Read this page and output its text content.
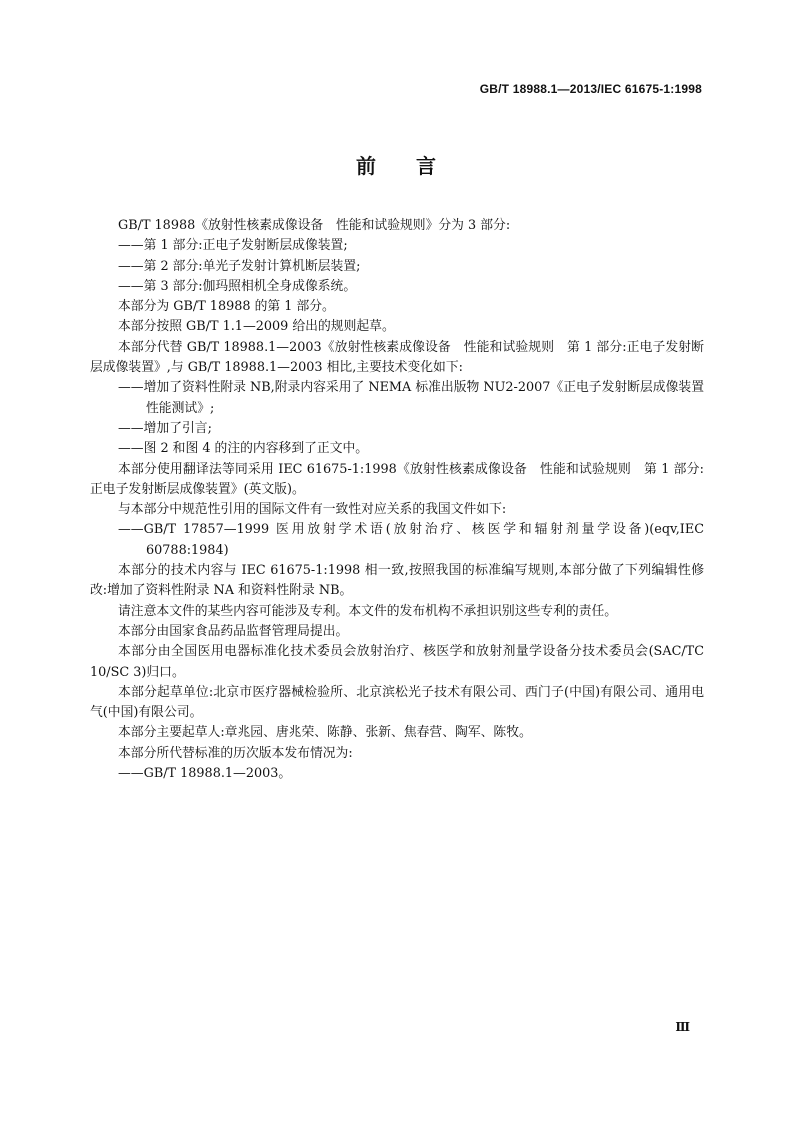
GB/T 18988.1—2013/IEC 61675-1:1998
前 言

GB/T 18988《放射性核素成像设备　性能和试验规则》分为 3 部分:

——第 1 部分:正电子发射断层成像装置;

——第 2 部分:单光子发射计算机断层装置;

——第 3 部分:伽玛照相机全身成像系统。

本部分为 GB/T 18988 的第 1 部分。

本部分按照 GB/T 1.1—2009 给出的规则起草。

本部分代替 GB/T 18988.1—2003《放射性核素成像设备　性能和试验规则　第 1 部分:正电子发射断层成像装置》,与 GB/T 18988.1—2003 相比,主要技术变化如下:

——增加了资料性附录 NB,附录内容采用了 NEMA 标准出版物 NU2-2007《正电子发射断层成像装置性能测试》;

——增加了引言;

——图 2 和图 4 的注的内容移到了正文中。

本部分使用翻译法等同采用 IEC 61675-1:1998《放射性核素成像设备　性能和试验规则　第 1 部分:正电子发射断层成像装置》(英文版)。

与本部分中规范性引用的国际文件有一致性对应关系的我国文件如下:

——GB/T 17857—1999 医用放射学术语(放射治疗、核医学和辐射剂量学设备)(eqv,IEC 60788:1984)

本部分的技术内容与 IEC 61675-1:1998 相一致,按照我国的标准编写规则,本部分做了下列编辑性修改:增加了资料性附录 NA 和资料性附录 NB。

请注意本文件的某些内容可能涉及专利。本文件的发布机构不承担识别这些专利的责任。

本部分由国家食品药品监督管理局提出。

本部分由全国医用电器标准化技术委员会放射治疗、核医学和放射剂量学设备分技术委员会(SAC/TC 10/SC 3)归口。

本部分起草单位:北京市医疗器械检验所、北京滨松光子技术有限公司、西门子(中国)有限公司、通用电气(中国)有限公司。

本部分主要起草人:章兆园、唐兆荣、陈静、张新、焦春营、陶军、陈牧。

本部分所代替标准的历次版本发布情况为:

——GB/T 18988.1—2003。

Ⅲ
